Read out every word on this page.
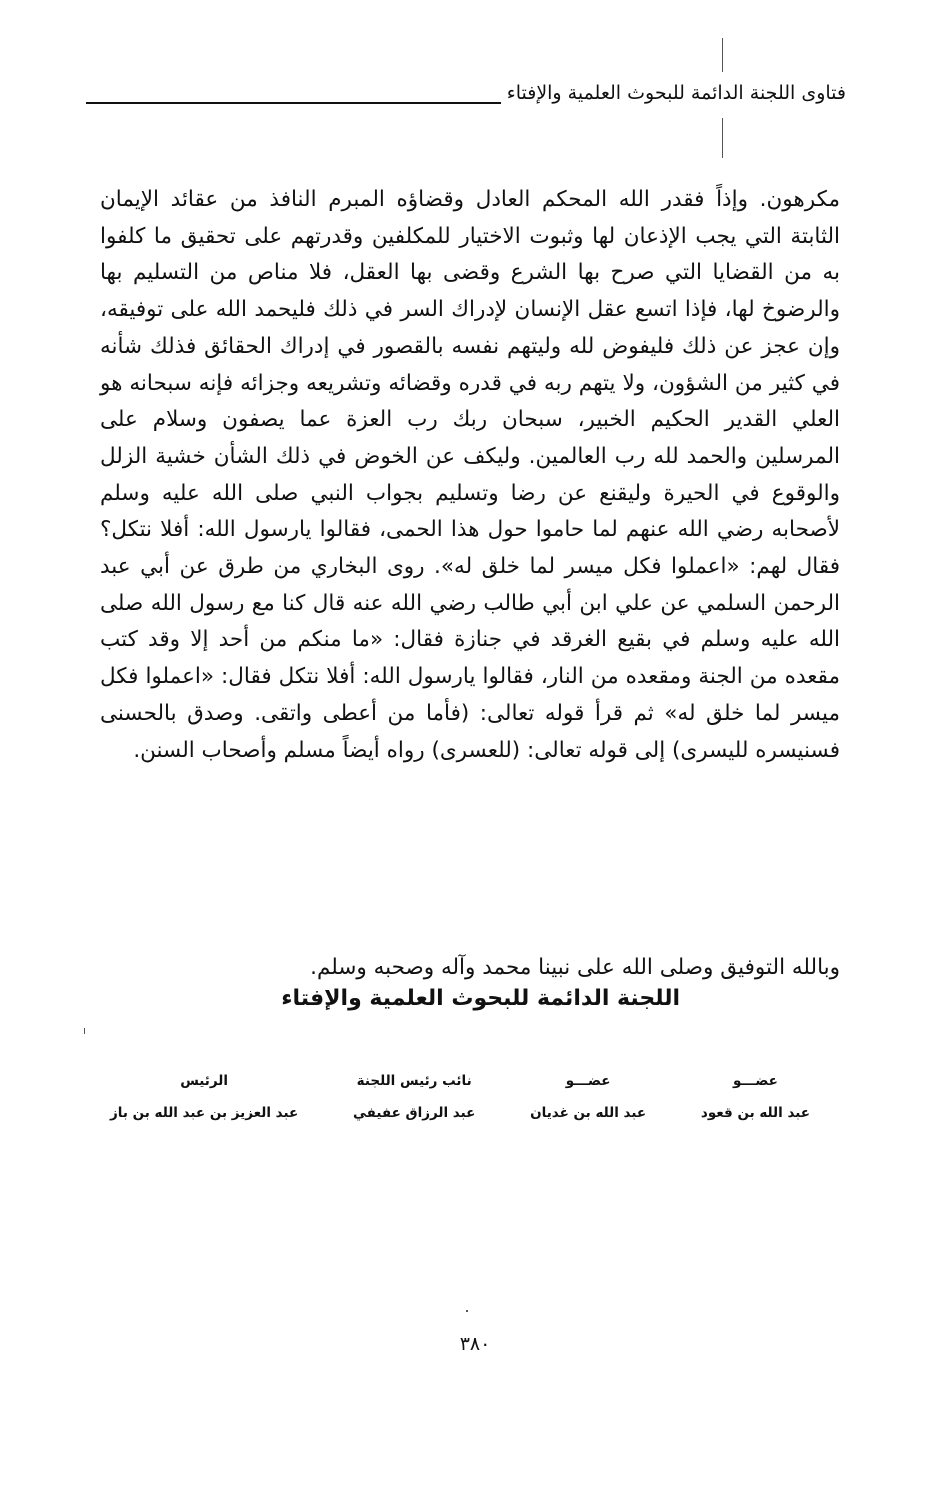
فتاوى اللجنة الدائمة للبحوث العلمية والإفتاء

مكرهون. وإذاً فقدر الله المحكم العادل وقضاؤه المبرم النافذ من عقائد الإيمان الثابتة التي يجب الإذعان لها وثبوت الاختيار للمكلفين وقدرتهم على تحقيق ما كلفوا به من القضايا التي صرح بها الشرع وقضى بها العقل، فلا مناص من التسليم بها والرضوخ لها، فإذا اتسع عقل الإنسان لإدراك السر في ذلك فليحمد الله على توفيقه، وإن عجز عن ذلك فليفوض لله وليتهم نفسه بالقصور في إدراك الحقائق فذلك شأنه في كثير من الشؤون، ولا يتهم ربه في قدره وقضائه وتشريعه وجزائه فإنه سبحانه هو العلي القدير الحكيم الخبير، سبحان ربك رب العزة عما يصفون وسلام على المرسلين والحمد لله رب العالمين. وليكف عن الخوض في ذلك الشأن خشية الزلل والوقوع في الحيرة وليقنع عن رضا وتسليم بجواب النبي صلى الله عليه وسلم لأصحابه رضي الله عنهم لما حاموا حول هذا الحمى، فقالوا يارسول الله: أفلا نتكل؟ فقال لهم: «اعملوا فكل ميسر لما خلق له». روى البخاري من طرق عن أبي عبد الرحمن السلمي عن علي ابن أبي طالب رضي الله عنه قال كنا مع رسول الله صلى الله عليه وسلم في بقيع الغرقد في جنازة فقال: «ما منكم من أحد إلا وقد كتب مقعده من الجنة ومقعده من النار، فقالوا يارسول الله: أفلا نتكل فقال: «اعملوا فكل ميسر لما خلق له» ثم قرأ قوله تعالى: (فأما من أعطى واتقى. وصدق بالحسنى فسنيسره لليسرى) إلى قوله تعالى: (للعسرى) رواه أيضاً مسلم وأصحاب السنن.

وبالله التوفيق وصلى الله على نبينا محمد وآله وصحبه وسلم.
اللجنة الدائمة للبحوث العلمية والإفتاء
عضـــو
عبد الله بن قعود
عضـــو
عبد الله بن غديان
نائب رئيس اللجنة
عبد الرزاق عفيفي
الرئيس
عبد العزيز بن عبد الله بن باز
٣٨٠
